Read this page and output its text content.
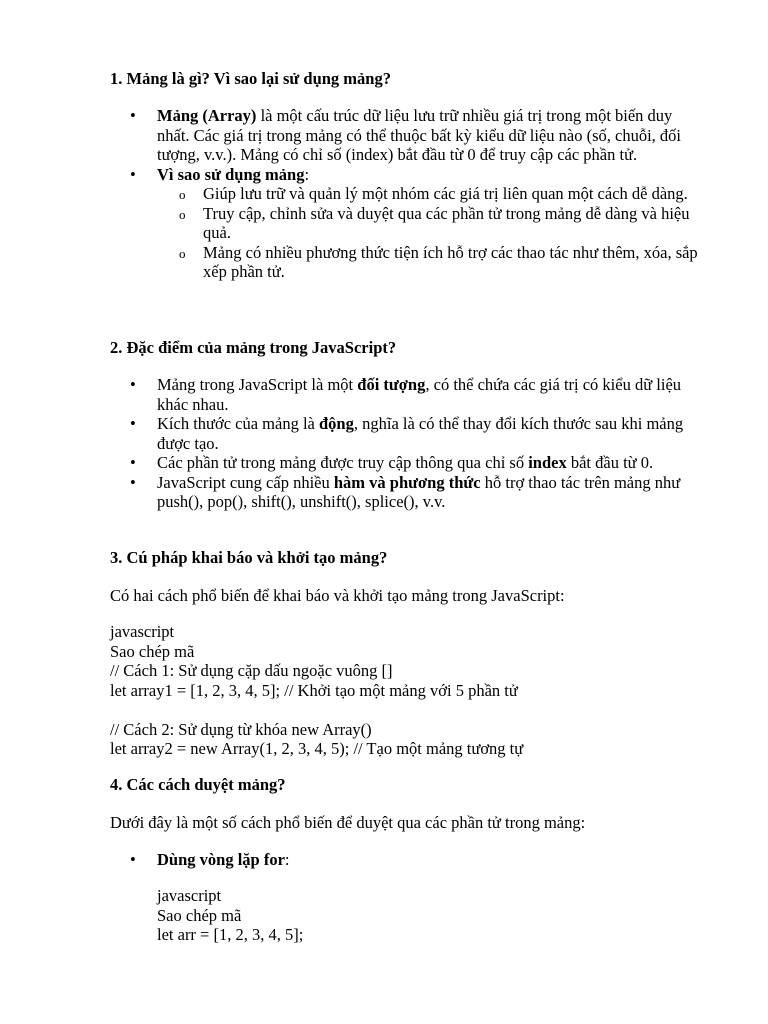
1. Mảng là gì? Vì sao lại sử dụng mảng?
• Mảng (Array) là một cấu trúc dữ liệu lưu trữ nhiều giá trị trong một biến duy nhất. Các giá trị trong mảng có thể thuộc bất kỳ kiểu dữ liệu nào (số, chuỗi, đối tượng, v.v.). Mảng có chỉ số (index) bắt đầu từ 0 để truy cập các phần tử.
• Vì sao sử dụng mảng:
o Giúp lưu trữ và quản lý một nhóm các giá trị liên quan một cách dễ dàng.
o Truy cập, chỉnh sửa và duyệt qua các phần tử trong mảng dễ dàng và hiệu quả.
o Mảng có nhiều phương thức tiện ích hỗ trợ các thao tác như thêm, xóa, sắp xếp phần tử.
2. Đặc điểm của mảng trong JavaScript?
• Mảng trong JavaScript là một đối tượng, có thể chứa các giá trị có kiểu dữ liệu khác nhau.
• Kích thước của mảng là động, nghĩa là có thể thay đổi kích thước sau khi mảng được tạo.
• Các phần tử trong mảng được truy cập thông qua chỉ số index bắt đầu từ 0.
• JavaScript cung cấp nhiều hàm và phương thức hỗ trợ thao tác trên mảng như push(), pop(), shift(), unshift(), splice(), v.v.
3. Cú pháp khai báo và khởi tạo mảng?

Có hai cách phổ biến để khai báo và khởi tạo mảng trong JavaScript:

javascript
Sao chép mã
// Cách 1: Sử dụng cặp dấu ngoặc vuông []
let array1 = [1, 2, 3, 4, 5]; // Khởi tạo một mảng với 5 phần tử
// Cách 2: Sử dụng từ khóa new Array()
let array2 = new Array(1, 2, 3, 4, 5); // Tạo một mảng tương tự
4. Các cách duyệt mảng?

Dưới đây là một số cách phổ biến để duyệt qua các phần tử trong mảng:

• Dùng vòng lặp for:
javascript
Sao chép mã
let arr = [1, 2, 3, 4, 5];
